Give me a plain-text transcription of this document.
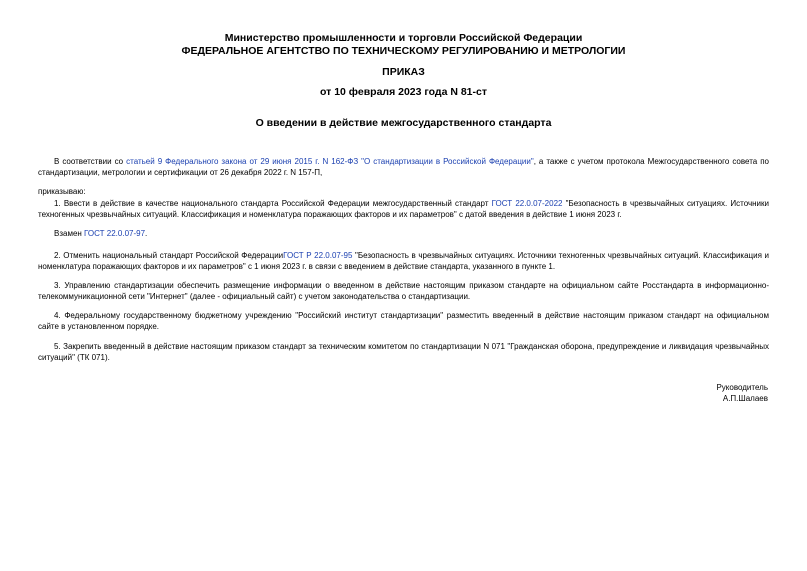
Министерство промышленности и торговли Российской Федерации
ФЕДЕРАЛЬНОЕ АГЕНТСТВО ПО ТЕХНИЧЕСКОМУ РЕГУЛИРОВАНИЮ И МЕТРОЛОГИИ
ПРИКАЗ
от 10 февраля 2023 года N 81-ст
О введении в действие межгосударственного стандарта
В соответствии со статьей 9 Федерального закона от 29 июня 2015 г. N 162-ФЗ "О стандартизации в Российской Федерации", а также с учетом протокола Межгосударственного совета по стандартизации, метрологии и сертификации от 26 декабря 2022 г. N 157-П,
приказываю:
1. Ввести в действие в качестве национального стандарта Российской Федерации межгосударственный стандарт ГОСТ 22.0.07-2022 "Безопасность в чрезвычайных ситуациях. Источники техногенных чрезвычайных ситуаций. Классификация и номенклатура поражающих факторов и их параметров" с датой введения в действие 1 июня 2023 г.
Взамен ГОСТ 22.0.07-97.
2. Отменить национальный стандарт Российской ФедерацииГОСТ Р 22.0.07-95 "Безопасность в чрезвычайных ситуациях. Источники техногенных чрезвычайных ситуаций. Классификация и номенклатура поражающих факторов и их параметров" с 1 июня 2023 г. в связи с введением в действие стандарта, указанного в пункте 1.
3. Управлению стандартизации обеспечить размещение информации о введенном в действие настоящим приказом стандарте на официальном сайте Росстандарта в информационно-телекоммуникационной сети "Интернет" (далее - официальный сайт) с учетом законодательства о стандартизации.
4. Федеральному государственному бюджетному учреждению "Российский институт стандартизации" разместить введенный в действие настоящим приказом стандарт на официальном сайте в установленном порядке.
5. Закрепить введенный в действие настоящим приказом стандарт за техническим комитетом по стандартизации N 071 "Гражданская оборона, предупреждение и ликвидация чрезвычайных ситуаций" (ТК 071).
Руководитель
А.П.Шалаев
